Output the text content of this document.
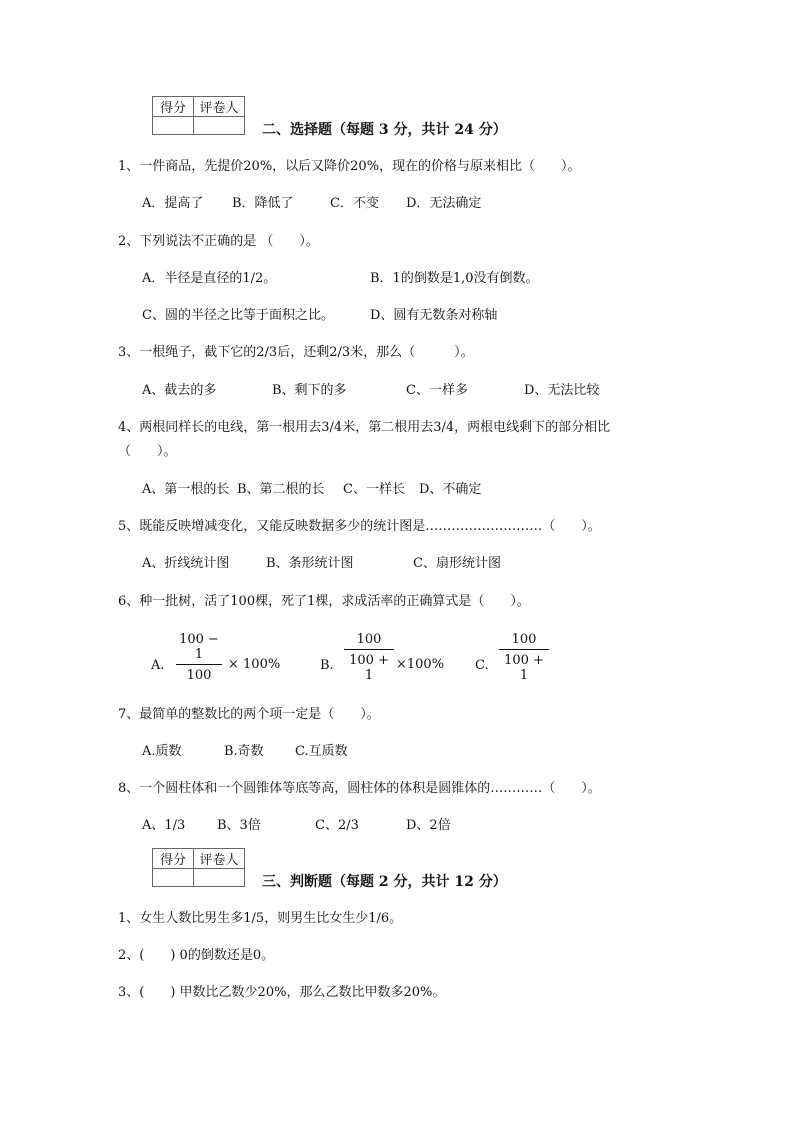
得分	评卷人

二、选择题（每题 3 分，共计 24 分）
1、一件商品，先提价20%，以后又降价20%，现在的价格与原来相比（　　）。
A．提高了 B．降低了	C．不变 D．无法确定
2、下列说法不正确的是 （　　）。
A．半径是直径的1/2。	B．1的倒数是1,0没有倒数。
C、圆的半径之比等于面积之比。	D、圆有无数条对称轴
3、一根绳子，截下它的2/3后，还剩2/3米，那么（　　　）。
A、截去的多	B、剩下的多	C、一样多	D、无法比较
4、两根同样长的电线，第一根用去3/4米，第二根用去3/4，两根电线剩下的部分相比
（　　）。
A、第一根的长 B、第二根的长 C、一样长 D、不确定
5、既能反映增减变化，又能反映数据多少的统计图是………………………（　　）。
A、折线统计图	B、条形统计图	C、扇形统计图
6、种一批树，活了100棵，死了1棵，求成活率的正确算式是（　　）。
A.
100 − 1
100
× 100%	B.
100
100 + 1
×100% C.
100
100 + 1
7、最简单的整数比的两个项一定是（　　）。
A.质数	B.奇数 C.互质数
8、一个圆柱体和一个圆锥体等底等高，圆柱体的体积是圆锥体的…………（　　）。
A、1/3 B、3倍	C、2/3	D、2倍
得分	评卷人

三、判断题（每题 2 分，共计 12 分）
1、女生人数比男生多1/5，则男生比女生少1/6。
2、(　　) 0的倒数还是0。
3、(　　) 甲数比乙数少20%，那么乙数比甲数多20%。
